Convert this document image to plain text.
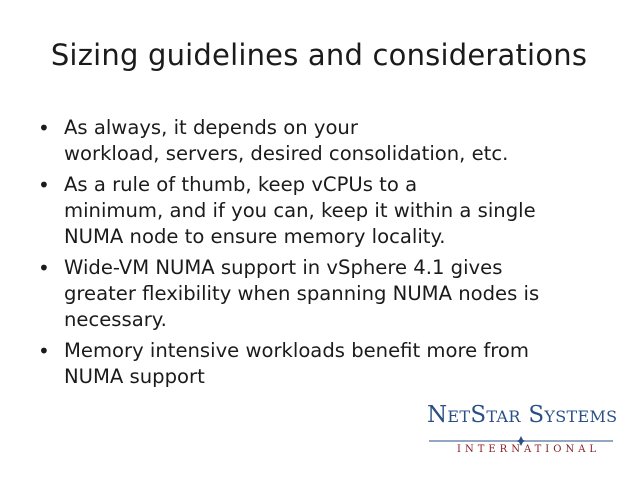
Sizing guidelines and considerations
• As always, it depends on your
workload, servers, desired consolidation, etc.
• As a rule of thumb, keep vCPUs to a
minimum, and if you can, keep it within a single
NUMA node to ensure memory locality.
• Wide-VM NUMA support in vSphere 4.1 gives
greater flexibility when spanning NUMA nodes is
necessary.
• Memory intensive workloads benefit more from
NUMA support
NetStar Systems
INTERNATIONAL
